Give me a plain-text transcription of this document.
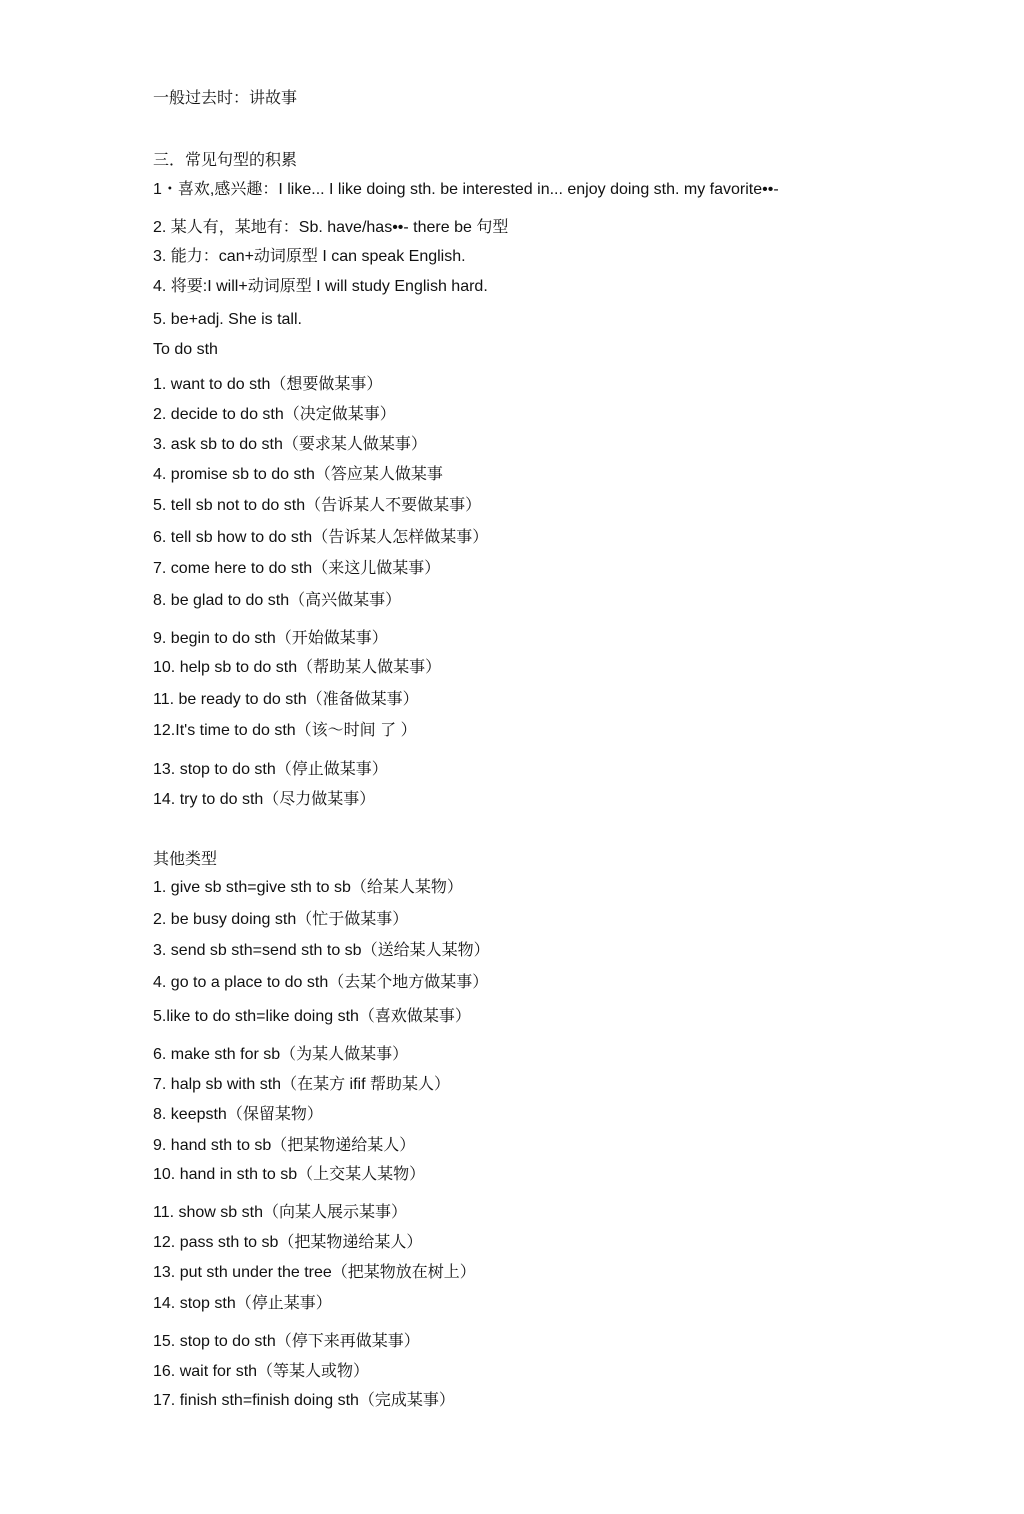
一般过去时：讲故事
三．常见句型的积累
1・喜欢,感兴趣：I like... I like doing sth. be interested in... enjoy doing sth. my favorite••-
2. 某人有，某地有：Sb. have/has••- there be 句型
3. 能力：can+动词原型 I can speak English.
4. 将要:I will+动词原型 I will study English hard.
5. be+adj. She is tall.
To do sth
1. want to do sth（想要做某事）
2. decide to do sth（决定做某事）
3. ask sb to do sth（要求某人做某事）
4. promise sb to do sth（答应某人做某事
5. tell sb not to do sth（告诉某人不要做某事）
6. tell sb how to do sth（告诉某人怎样做某事）
7. come here to do sth（来这儿做某事）
8. be glad to do sth（高兴做某事）
9. begin to do sth（开始做某事）
10. help sb to do sth（帮助某人做某事）
11. be ready to do sth（准备做某事）
12.It's time to do sth（该〜时间 了 ）
13. stop to do sth（停止做某事）
14. try to do sth（尽力做某事）
其他类型
1. give sb sth=give sth to sb（给某人某物）
2. be busy doing sth（忙于做某事）
3. send sb sth=send sth to sb（送给某人某物）
4. go to a place to do sth（去某个地方做某事）
5.like to do sth=like doing sth（喜欢做某事）
6. make sth for sb（为某人做某事）
7. halp sb with sth（在某方 ifif 帮助某人）
8. keepsth（保留某物）
9. hand sth to sb（把某物递给某人）
10. hand in sth to sb（上交某人某物）
11. show sb sth（向某人展示某事）
12. pass sth to sb（把某物递给某人）
13. put sth under the tree（把某物放在树上）
14. stop sth（停止某事）
15. stop to do sth（停下来再做某事）
16. wait for sth（等某人或物）
17. finish sth=finish doing sth（完成某事）
